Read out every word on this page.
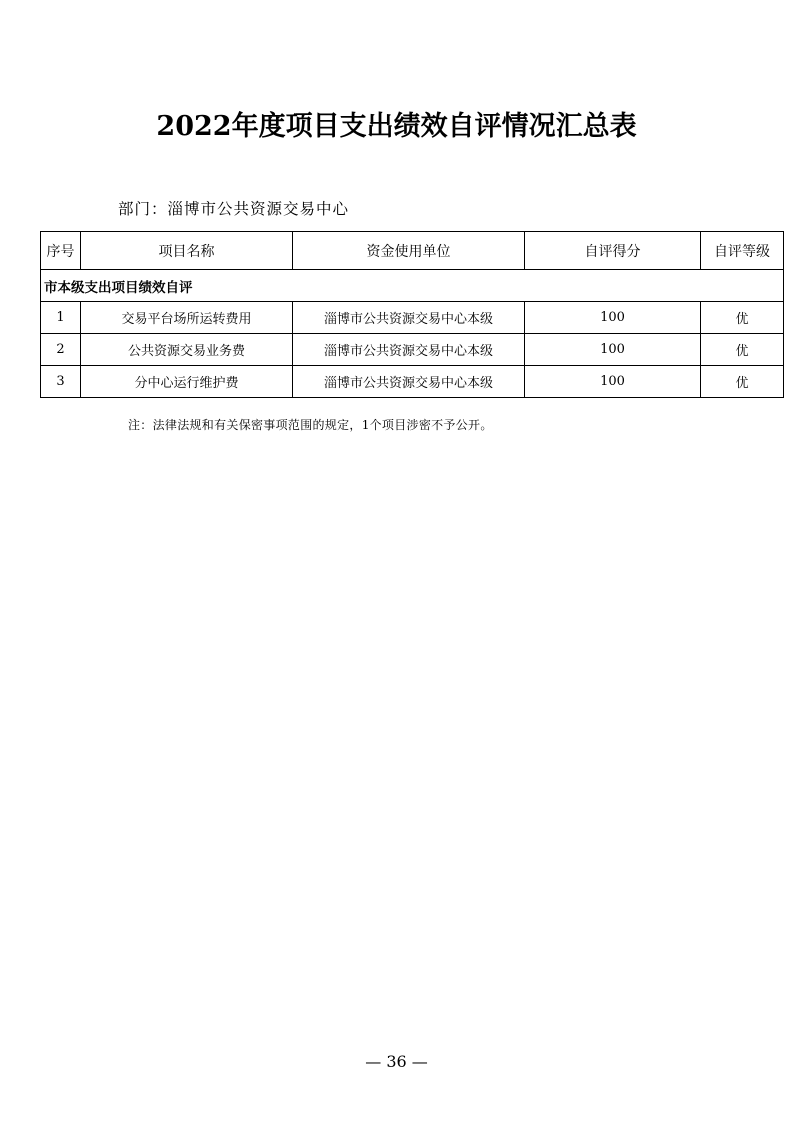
2022年度项目支出绩效自评情况汇总表
部门：淄博市公共资源交易中心
序号	项目名称	资金使用单位	自评得分	自评等级
市本级支出项目绩效自评				
1	交易平台场所运转费用	淄博市公共资源交易中心本级	100	优
2	公共资源交易业务费	淄博市公共资源交易中心本级	100	优
3	分中心运行维护费	淄博市公共资源交易中心本级	100	优
注：法律法规和有关保密事项范围的规定，1个项目涉密不予公开。
— 36 —
